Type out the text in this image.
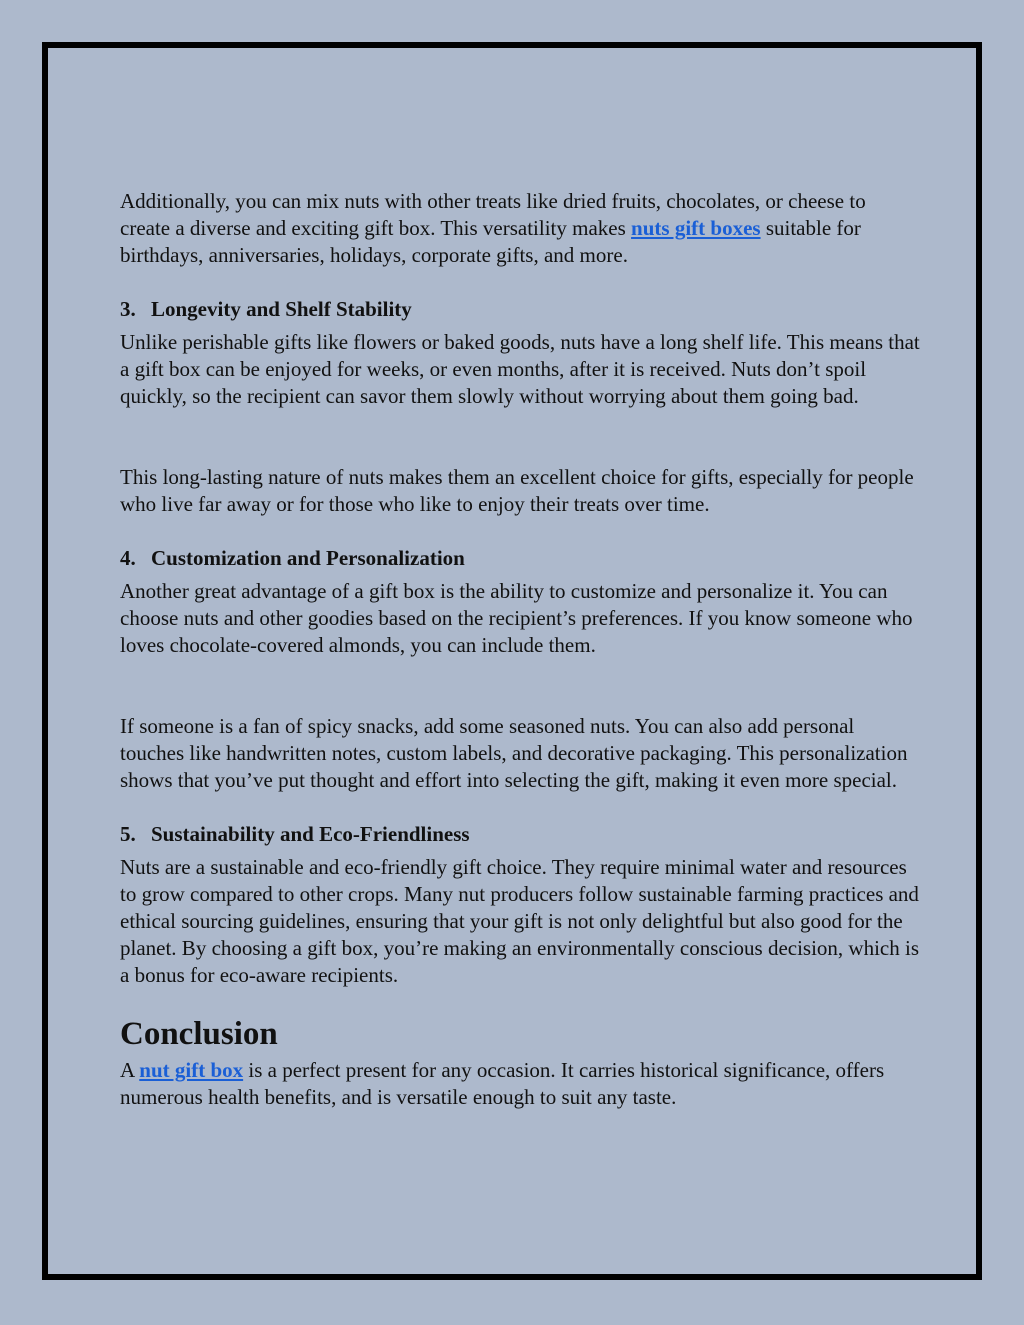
Additionally, you can mix nuts with other treats like dried fruits, chocolates, or cheese to create a diverse and exciting gift box. This versatility makes nuts gift boxes suitable for birthdays, anniversaries, holidays, corporate gifts, and more.

3. Longevity and Shelf Stability

Unlike perishable gifts like flowers or baked goods, nuts have a long shelf life. This means that a gift box can be enjoyed for weeks, or even months, after it is received. Nuts don’t spoil quickly, so the recipient can savor them slowly without worrying about them going bad.

This long-lasting nature of nuts makes them an excellent choice for gifts, especially for people who live far away or for those who like to enjoy their treats over time.

4. Customization and Personalization

Another great advantage of a gift box is the ability to customize and personalize it. You can choose nuts and other goodies based on the recipient’s preferences. If you know someone who loves chocolate-covered almonds, you can include them.

If someone is a fan of spicy snacks, add some seasoned nuts. You can also add personal touches like handwritten notes, custom labels, and decorative packaging. This personalization shows that you’ve put thought and effort into selecting the gift, making it even more special.

5. Sustainability and Eco-Friendliness

Nuts are a sustainable and eco-friendly gift choice. They require minimal water and resources to grow compared to other crops. Many nut producers follow sustainable farming practices and ethical sourcing guidelines, ensuring that your gift is not only delightful but also good for the planet. By choosing a gift box, you’re making an environmentally conscious decision, which is a bonus for eco-aware recipients.

Conclusion

A nut gift box is a perfect present for any occasion. It carries historical significance, offers numerous health benefits, and is versatile enough to suit any taste.
